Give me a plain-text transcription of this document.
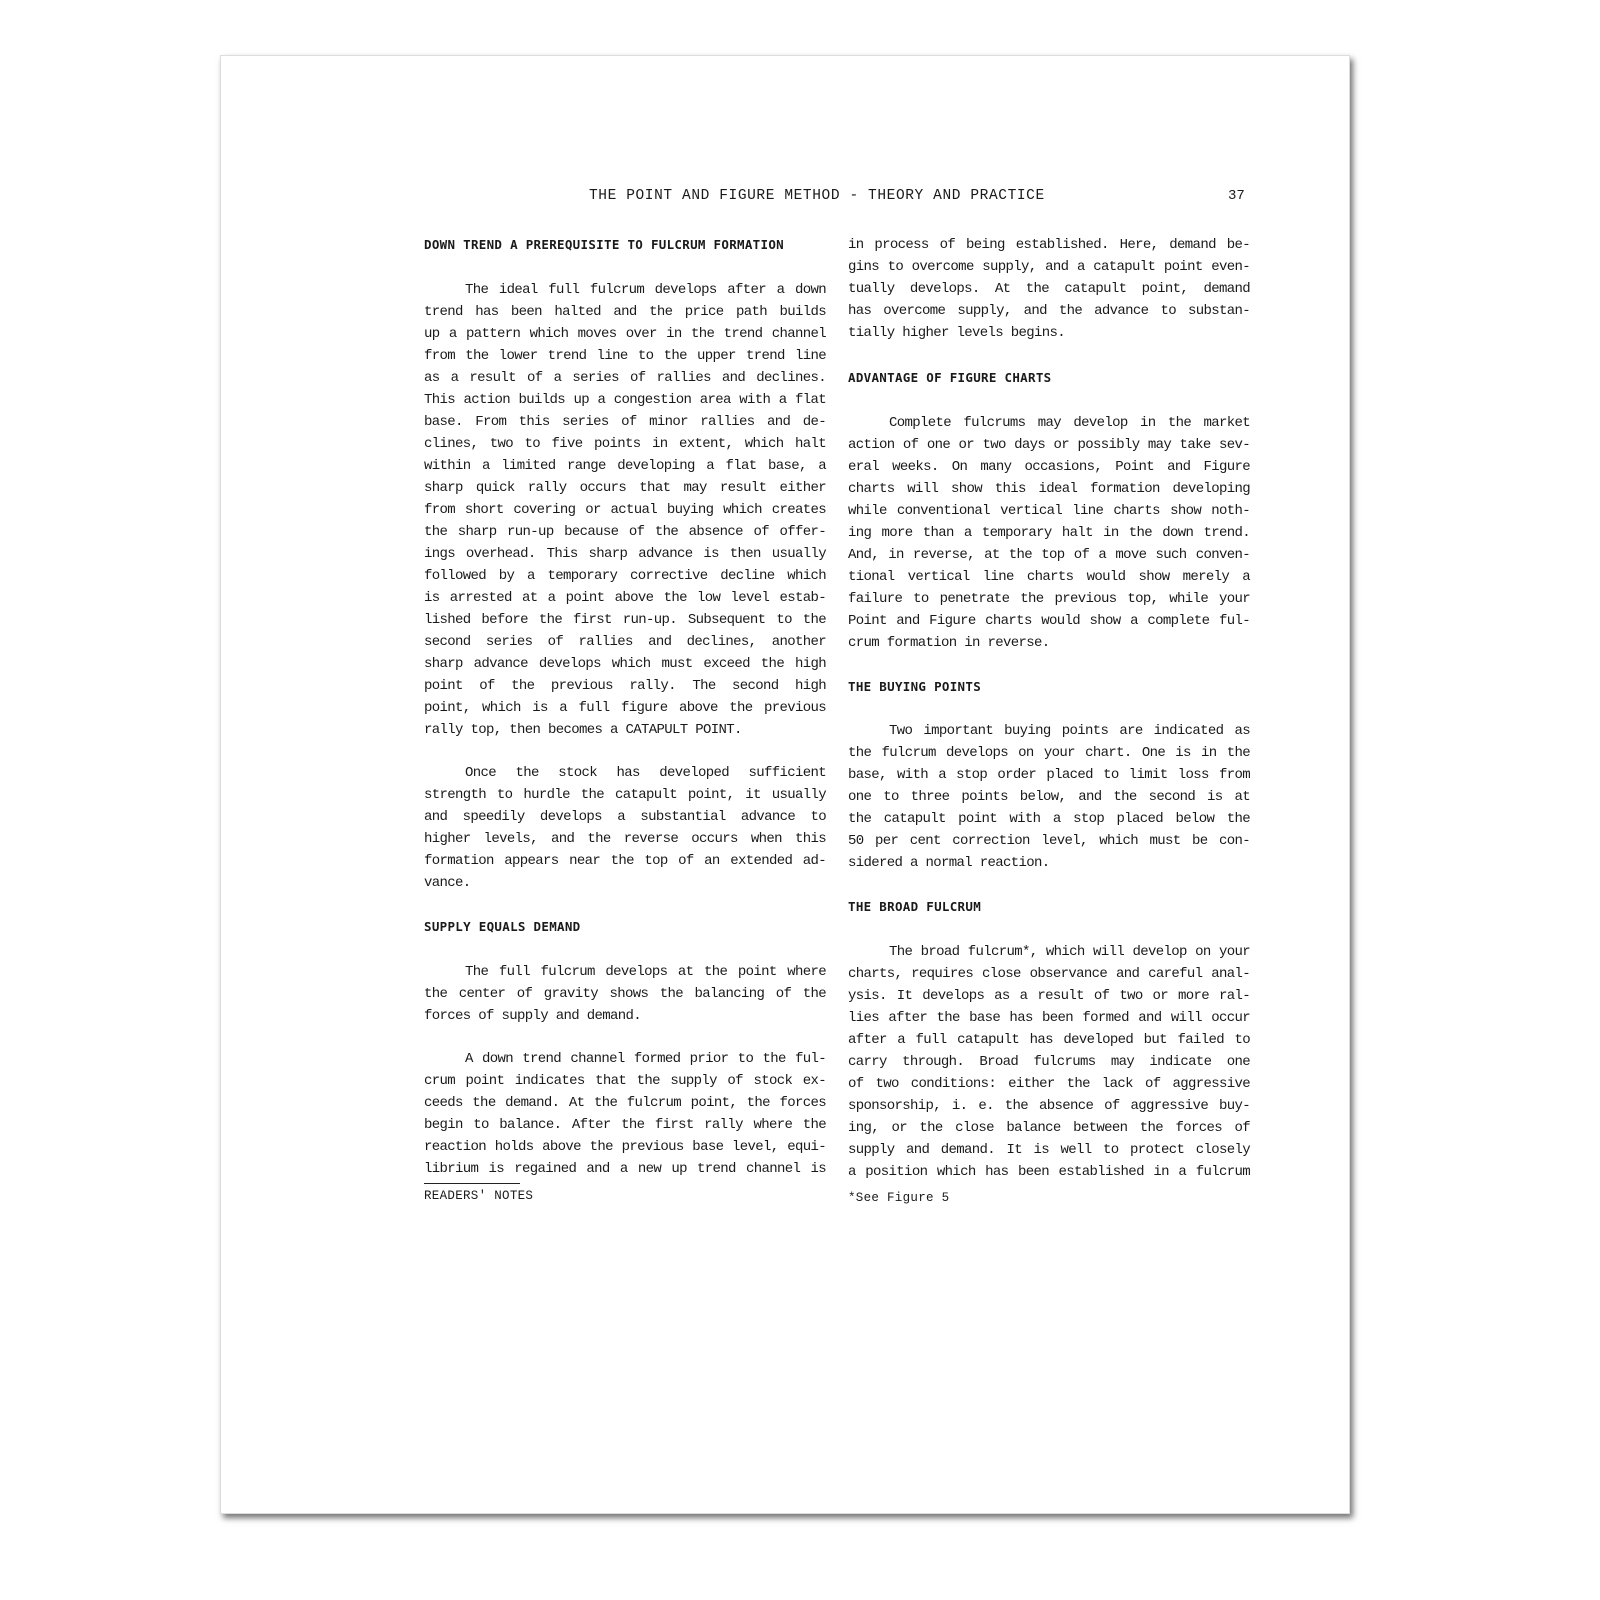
THE POINT AND FIGURE METHOD - THEORY AND PRACTICE	37
DOWN TREND A PREREQUISITE TO FULCRUM FORMATION
The ideal full fulcrum develops after a down
trend has been halted and the price path builds
up a pattern which moves over in the trend channel
from the lower trend line to the upper trend line
as a result of a series of rallies and declines.
This action builds up a congestion area with a flat
base. From this series of minor rallies and de-
clines, two to five points in extent, which halt
within a limited range developing a flat base, a
sharp quick rally occurs that may result either
from short covering or actual buying which creates
the sharp run-up because of the absence of offer-
ings overhead. This sharp advance is then usually
followed by a temporary corrective decline which
is arrested at a point above the low level estab-
lished before the first run-up. Subsequent to the
second series of rallies and declines, another
sharp advance develops which must exceed the high
point of the previous rally. The second high
point, which is a full figure above the previous
rally top, then becomes a CATAPULT POINT.
Once the stock has developed sufficient
strength to hurdle the catapult point, it usually
and speedily develops a substantial advance to
higher levels, and the reverse occurs when this
formation appears near the top of an extended ad-
vance.
SUPPLY EQUALS DEMAND
The full fulcrum develops at the point where
the center of gravity shows the balancing of the
forces of supply and demand.
A down trend channel formed prior to the ful-
crum point indicates that the supply of stock ex-
ceeds the demand. At the fulcrum point, the forces
begin to balance. After the first rally where the
reaction holds above the previous base level, equi-
librium is regained and a new up trend channel is
READERS' NOTES
in process of being established. Here, demand be-
gins to overcome supply, and a catapult point even-
tually develops. At the catapult point, demand
has overcome supply, and the advance to substan-
tially higher levels begins.
ADVANTAGE OF FIGURE CHARTS
Complete fulcrums may develop in the market
action of one or two days or possibly may take sev-
eral weeks. On many occasions, Point and Figure
charts will show this ideal formation developing
while conventional vertical line charts show noth-
ing more than a temporary halt in the down trend.
And, in reverse, at the top of a move such conven-
tional vertical line charts would show merely a
failure to penetrate the previous top, while your
Point and Figure charts would show a complete ful-
crum formation in reverse.
THE BUYING POINTS
Two important buying points are indicated as
the fulcrum develops on your chart. One is in the
base, with a stop order placed to limit loss from
one to three points below, and the second is at
the catapult point with a stop placed below the
50 per cent correction level, which must be con-
sidered a normal reaction.
THE BROAD FULCRUM
The broad fulcrum*, which will develop on your
charts, requires close observance and careful anal-
ysis. It develops as a result of two or more ral-
lies after the base has been formed and will occur
after a full catapult has developed but failed to
carry through. Broad fulcrums may indicate one
of two conditions: either the lack of aggressive
sponsorship, i. e. the absence of aggressive buy-
ing, or the close balance between the forces of
supply and demand. It is well to protect closely
a position which has been established in a fulcrum
*See Figure 5
